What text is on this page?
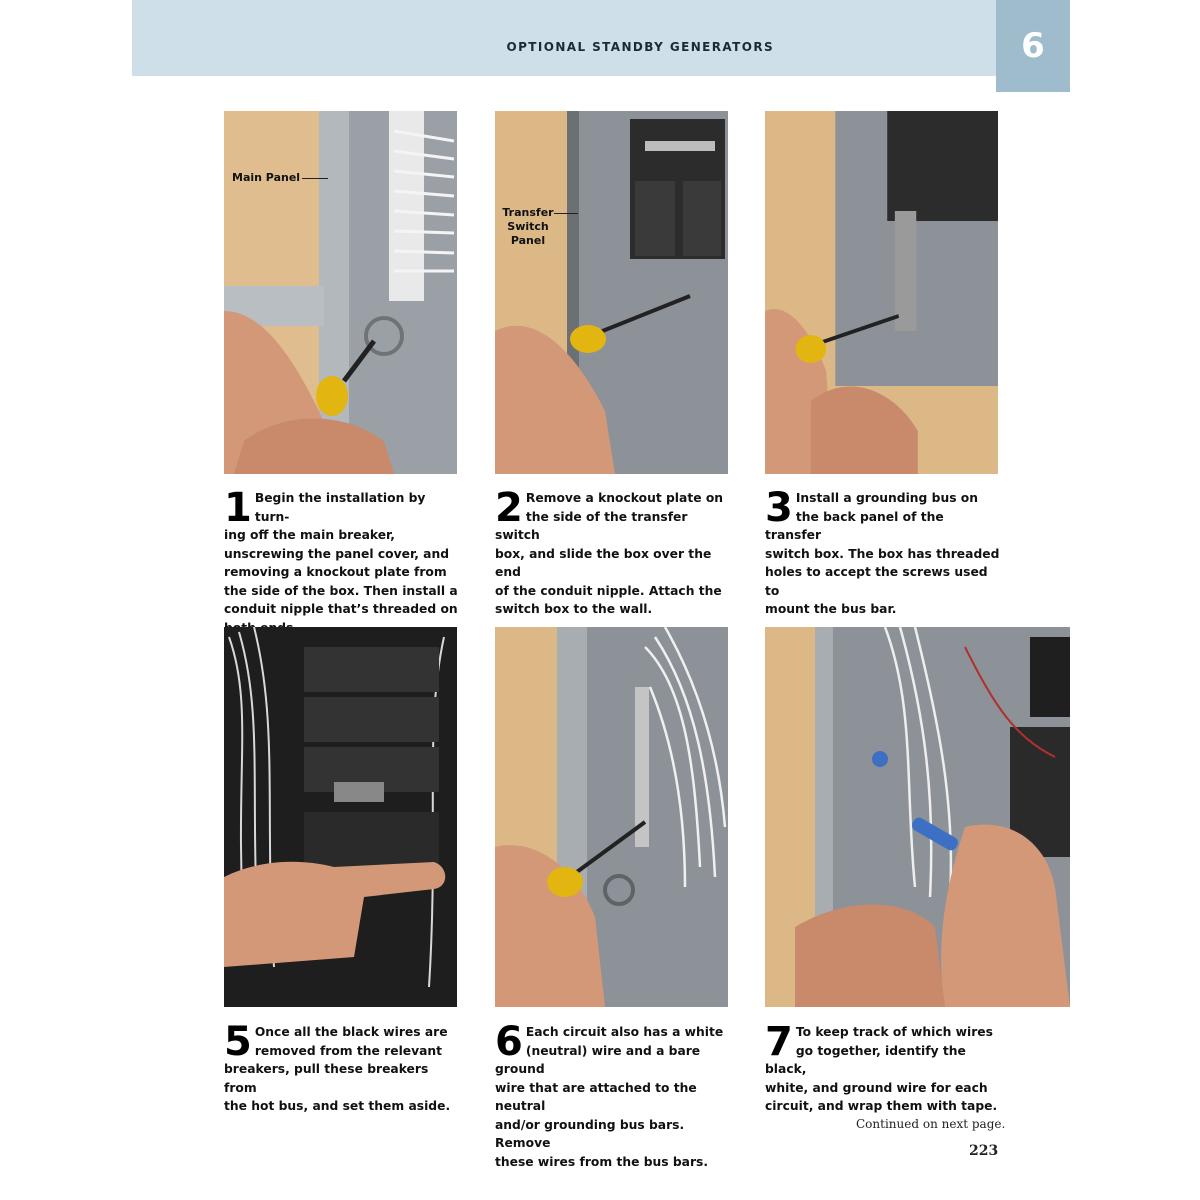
OPTIONAL STANDBY GENERATORS	6
Main Panel
Transfer
Switch
Panel
1 Begin the installation by turn-
ing off the main breaker,
unscrewing the panel cover, and
removing a knockout plate from
the side of the box. Then install a
conduit nipple that’s threaded on
2 Remove a knockout plate on
the side of the transfer switch
box, and slide the box over the end
of the conduit nipple. Attach the
switch box to the wall.
3 Install a grounding bus on
the back panel of the transfer
switch box. The box has threaded
holes to accept the screws used to
mount the bus bar.
5 Once all the black wires are
removed from the relevant
breakers, pull these breakers from
the hot bus, and set them aside.
6 Each circuit also has a white
(neutral) wire and a bare ground
wire that are attached to the neutral
and/or grounding bus bars. Remove
these wires from the bus bars.
7 To keep track of which wires
go together, identify the black,
white, and ground wire for each
circuit, and wrap them with tape.
Continued on next page.
223
